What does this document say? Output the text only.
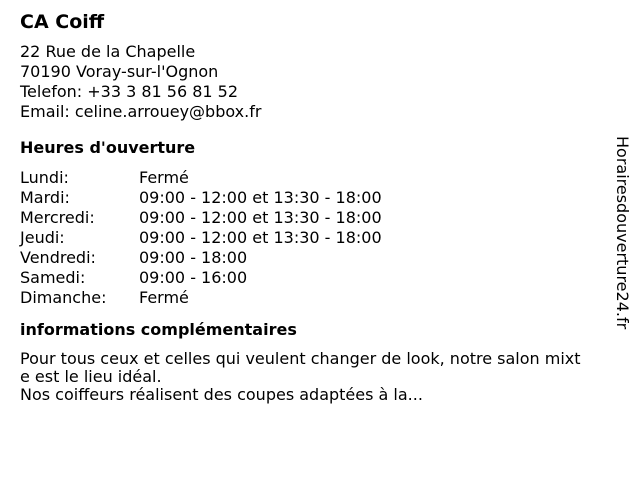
CA Coiff
22 Rue de la Chapelle
70190 Voray-sur-l'Ognon
Telefon: +33 3 81 56 81 52
Email: celine.arrouey@bbox.fr
Heures d'ouverture
Lundi:	Fermé
Mardi:	09:00 - 12:00 et 13:30 - 18:00
Mercredi:	09:00 - 12:00 et 13:30 - 18:00
Jeudi:	09:00 - 12:00 et 13:30 - 18:00
Vendredi:	09:00 - 18:00
Samedi:	09:00 - 16:00
Dimanche:	Fermé
informations complémentaires
Pour tous ceux et celles qui veulent changer de look, notre salon mixt
e est le lieu idéal.
Nos coiffeurs réalisent des coupes adaptées à la...
Horairesdouverture24.fr
